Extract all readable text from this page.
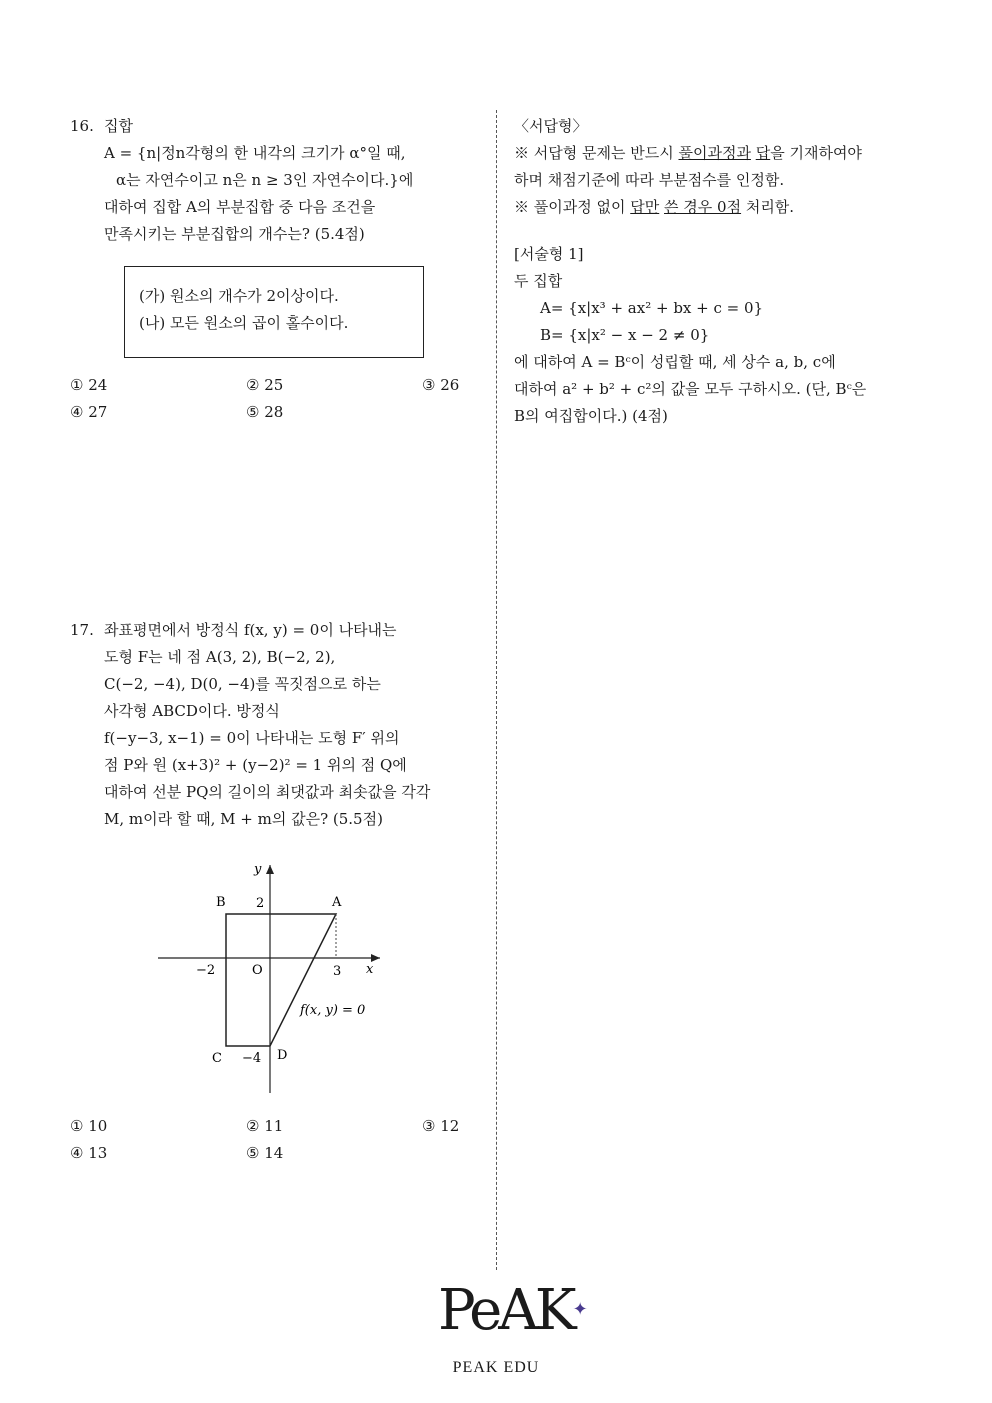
16. 집합
A = {n|정n각형의 한 내각의 크기가 α°일 때,
α는 자연수이고 n은 n ≥ 3인 자연수이다.}에
대하여 집합 A의 부분집합 중 다음 조건을
만족시키는 부분집합의 개수는? (5.4점)
(가) 원소의 개수가 2이상이다.
(나) 모든 원소의 곱이 홀수이다.
① 24	② 25	③ 26
④ 27	⑤ 28
17. 좌표평면에서 방정식 f(x, y) = 0이 나타내는
도형 F는 네 점 A(3, 2), B(−2, 2),
C(−2, −4), D(0, −4)를 꼭짓점으로 하는
사각형 ABCD이다. 방정식
f(−y−3, x−1) = 0이 나타내는 도형 F′ 위의
점 P와 원 (x+3)² + (y−2)² = 1 위의 점 Q에
대하여 선분 PQ의 길이의 최댓값과 최솟값을 각각
M, m이라 할 때, M + m의 값은? (5.5점)
y
x
O
B 2	A
−2	3
f(x, y) = 0
C −4 D
① 10	② 11	③ 12
④ 13	⑤ 14
〈서답형〉
※ 서답형 문제는 반드시 풀이과정과 답을 기재하여야
하며 채점기준에 따라 부분점수를 인정함.
※ 풀이과정 없이 답만 쓴 경우 0점 처리함.
[서술형 1]
두 집합
A= {x|x³ + ax² + bx + c = 0}
B= {x|x² − x − 2 ≠ 0}
에 대하여 A = Bᶜ이 성립할 때, 세 상수 a, b, c에
대하여 a² + b² + c²의 값을 모두 구하시오. (단, Bᶜ은
B의 여집합이다.) (4점)
PeAK✦
PEAK EDU
